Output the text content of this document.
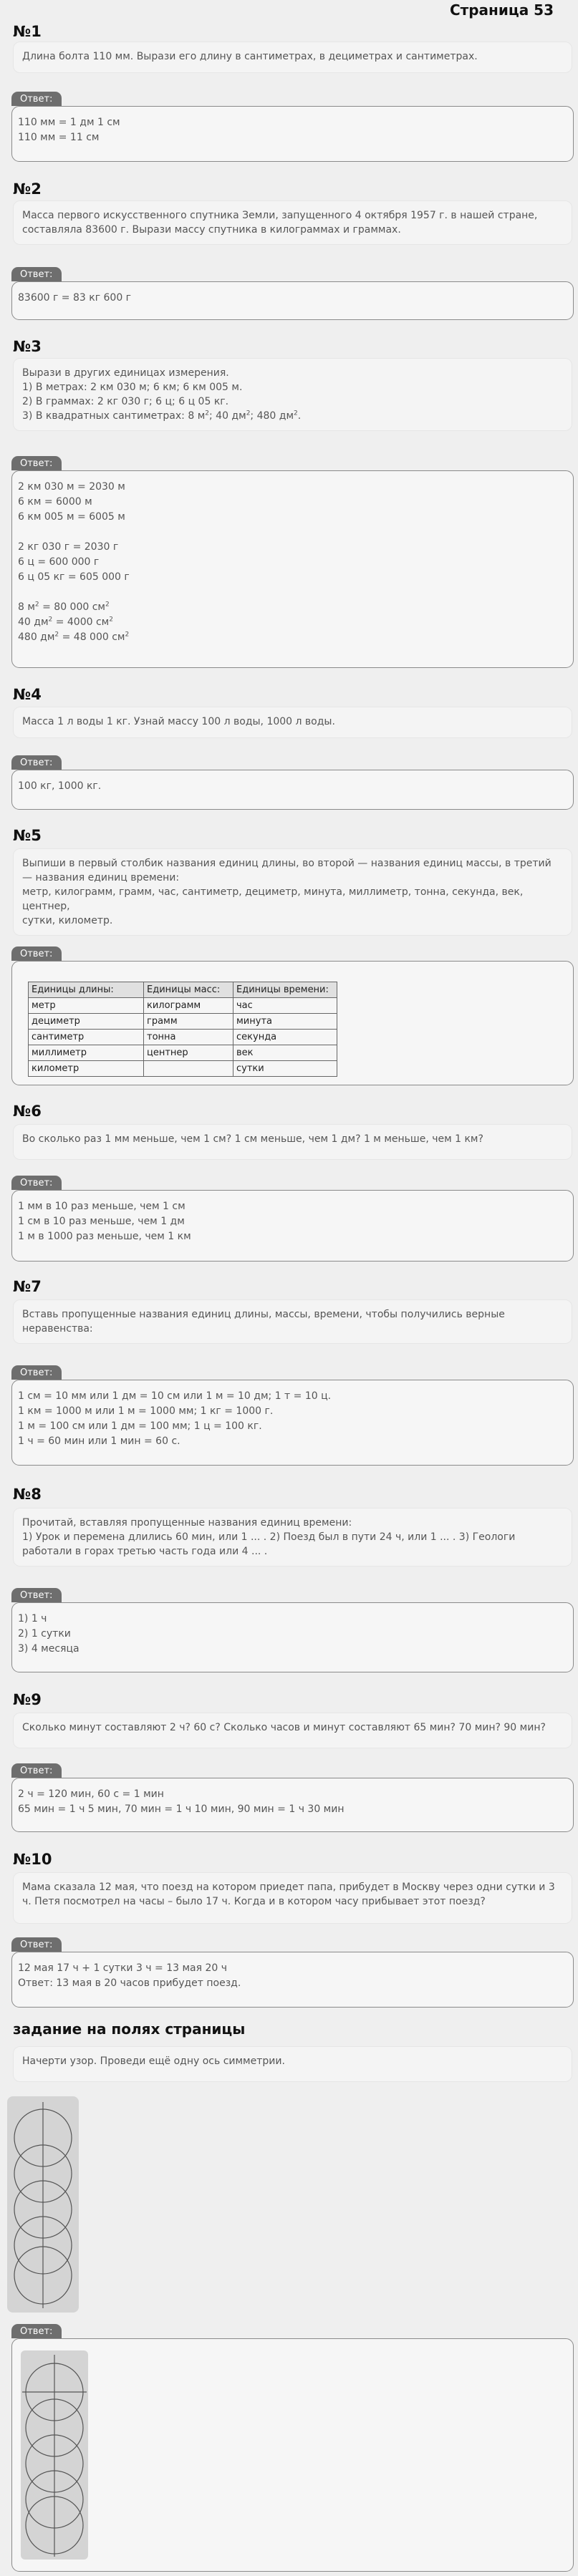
Страница 53
№1
Длина болта 110 мм. Вырази его длину в сантиметрах, в дециметрах и сантиметрах.
Ответ:
110 мм = 1 дм 1 см
110 мм = 11 см
№2
Масса первого искусственного спутника Земли, запущенного 4 октября 1957 г. в нашей стране,
составляла 83600 г. Вырази массу спутника в килограммах и граммах.
Ответ:
83600 г = 83 кг 600 г
№3
Вырази в других единицах измерения.
1) В метрах: 2 км 030 м; 6 км; 6 км 005 м.
2) В граммах: 2 кг 030 г; 6 ц; 6 ц 05 кг.
3) В квадратных сантиметрах: 8 $м^2$; 40 $дм^2$; 480 $дм^2$.
Ответ:
2 км 030 м = 2030 м
6 км = 6000 м
6 км 005 м = 6005 м
2 кг 030 г = 2030 г
6 ц = 600 000 г
6 ц 05 кг = 605 000 г
8 $м^2 = 80$ 000 $см^2$
40 $дм^2 = 4000$ $см^2$
480 $дм^2 = 48$ 000 $см^2$
№4
Масса 1 л воды 1 кг. Узнай массу 100 л воды, 1000 л воды.
Ответ:
100 кг, 1000 кг.
№5
Выпиши в первый столбик названия единиц длины, во второй — названия единиц массы, в третий
— названия единиц времени:
метр, килограмм, грамм, час, сантиметр, дециметр, минута, миллиметр, тонна, секунда, век, центнер,
сутки, километр.
Ответ:
Единицы длины:	Единицы масс:	Единицы времени:
метр	килограмм	час
дециметр	грамм	минута
сантиметр	тонна	секунда
миллиметр	центнер	век
километр		сутки
№6
Во сколько раз 1 мм меньше, чем 1 см? 1 см меньше, чем 1 дм? 1 м меньше, чем 1 км?
Ответ:
1 мм в 10 раз меньше, чем 1 см
1 см в 10 раз меньше, чем 1 дм
1 м в 1000 раз меньше, чем 1 км
№7
Вставь пропущенные названия единиц длины, массы, времени, чтобы получились верные
неравенства:
Ответ:
1 см = 10 мм или 1 дм = 10 см или 1 м = 10 дм; 1 т = 10 ц.
1 км = 1000 м или 1 м = 1000 мм; 1 кг = 1000 г.
1 м = 100 см или 1 дм = 100 мм; 1 ц = 100 кг.
1 ч = 60 мин или 1 мин = 60 с.
№8
Прочитай, вставляя пропущенные названия единиц времени:
1) Урок и перемена длились 60 мин, или 1 ... . 2) Поезд был в пути 24 ч, или 1 ... . 3) Геологи
работали в горах третью часть года или 4 ... .
Ответ:
1) 1 ч
2) 1 сутки
3) 4 месяца
№9
Сколько минут составляют 2 ч? 60 с? Сколько часов и минут составляют 65 мин? 70 мин? 90 мин?
Ответ:
2 ч = 120 мин, 60 с = 1 мин
65 мин = 1 ч 5 мин, 70 мин = 1 ч 10 мин, 90 мин = 1 ч 30 мин
№10
Мама сказала 12 мая, что поезд на котором приедет папа, прибудет в Москву через одни сутки и 3
ч. Петя посмотрел на часы – было 17 ч. Когда и в котором часу прибывает этот поезд?
Ответ:
12 мая 17 ч + 1 сутки 3 ч = 13 мая 20 ч
Ответ: 13 мая в 20 часов прибудет поезд.
задание на полях страницы
Начерти узор. Проведи ещё одну ось симметрии.
Ответ:
